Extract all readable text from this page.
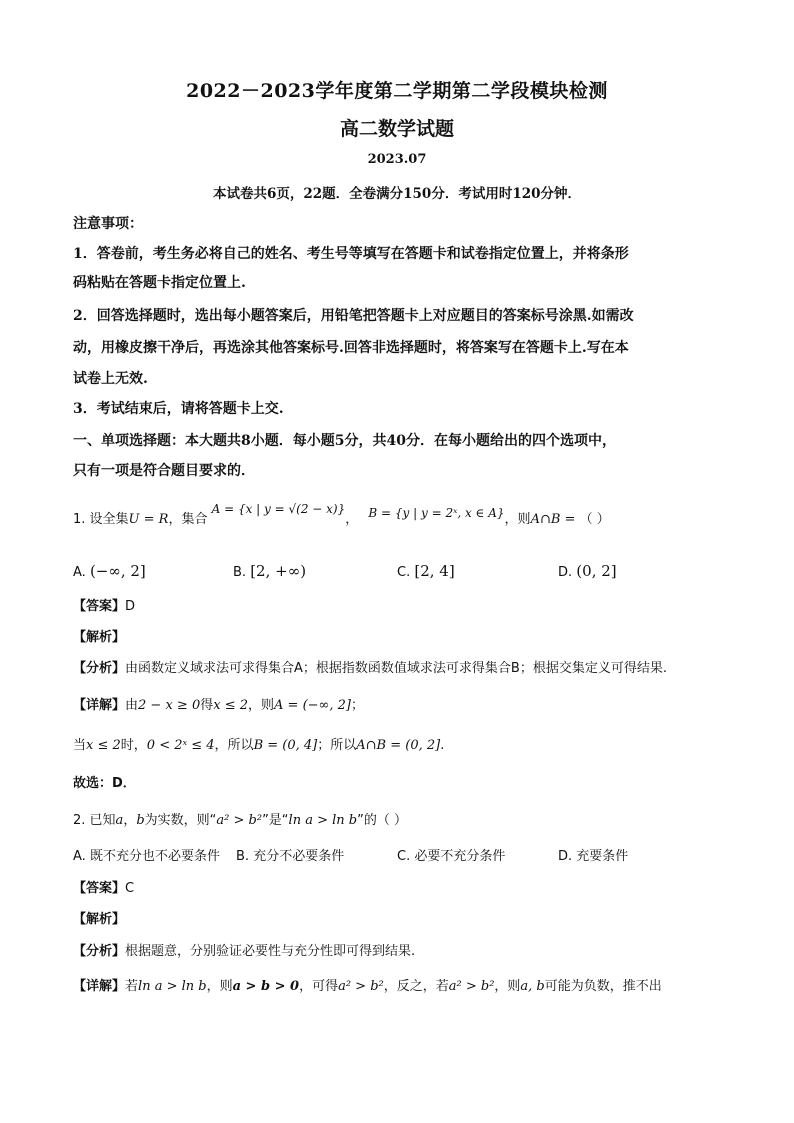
2022－2023学年度第二学期第二学段模块检测
高二数学试题
2023.07
本试卷共6页，22题．全卷满分150分．考试用时120分钟．
注意事项：
1．答卷前，考生务必将自己的姓名、考生号等填写在答题卡和试卷指定位置上，并将条形
码粘贴在答题卡指定位置上.
2．回答选择题时，选出每小题答案后，用铅笔把答题卡上对应题目的答案标号涂黑.如需改
动，用橡皮擦干净后，再选涂其他答案标号.回答非选择题时，将答案写在答题卡上.写在本
试卷上无效.
3．考试结束后，请将答题卡上交.
一、单项选择题：本大题共8小题．每小题5分，共40分．在每小题给出的四个选项中，
只有一项是符合题目要求的．
1. 设全集U = R，集合 A = {x | y = √(2 − x)}， B = {y | y = 2ˣ, x ∈ A}，则A∩B = （ ）
A. (−∞, 2]	B. [2, +∞)	C. [2, 4]	D. (0, 2]
【答案】D
【解析】
【分析】由函数定义域求法可求得集合A；根据指数函数值域求法可求得集合B；根据交集定义可得结果.
【详解】由2 − x ≥ 0得x ≤ 2，则A = (−∞, 2]；
当x ≤ 2时，0 < 2ˣ ≤ 4，所以B = (0, 4]；所以A∩B = (0, 2].
故选：D．
2. 已知a，b为实数，则“a² > b²”是“ln a > ln b”的（ ）
A. 既不充分也不必要条件 B. 充分不必要条件	C. 必要不充分条件	D. 充要条件
【答案】C
【解析】
【分析】根据题意，分别验证必要性与充分性即可得到结果.
【详解】若ln a > ln b，则a > b > 0，可得a² > b²，反之，若a² > b²，则a, b可能为负数，推不出
